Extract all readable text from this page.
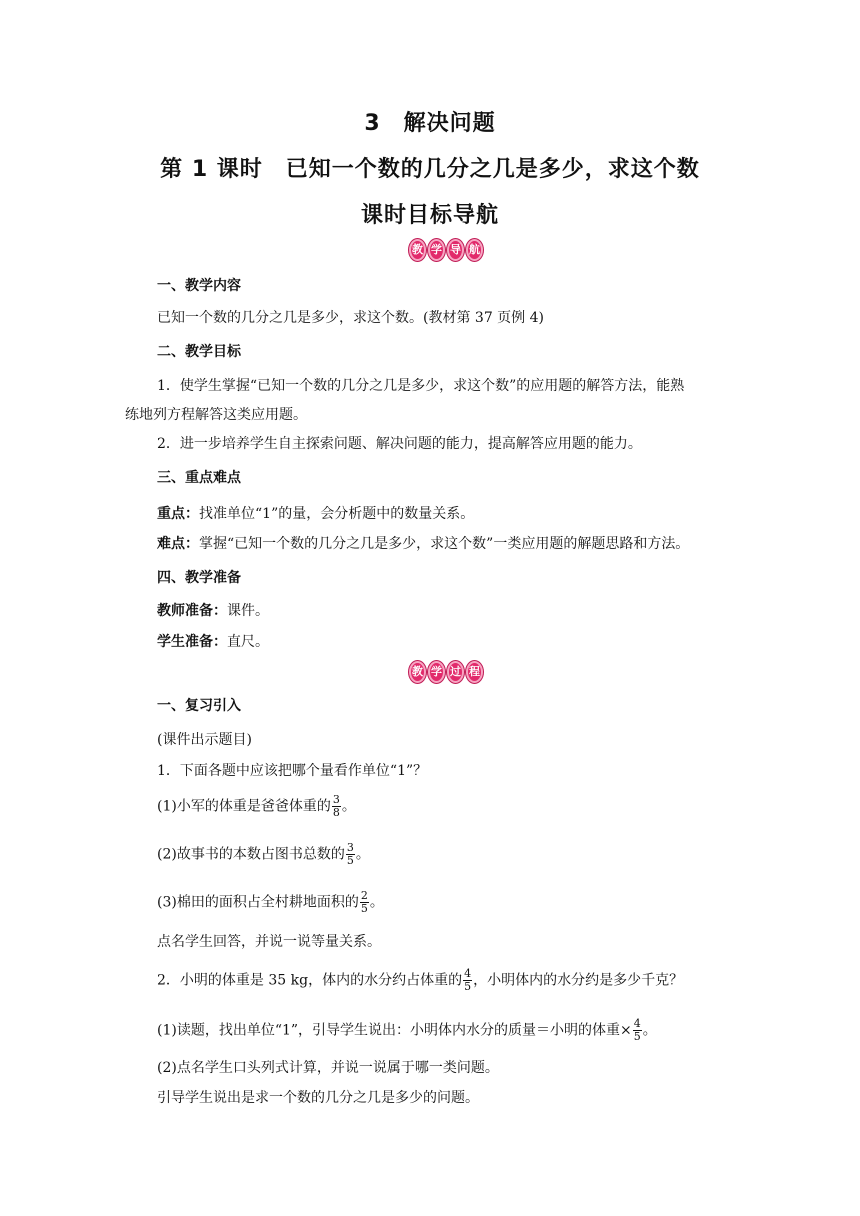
3　解决问题
第 1 课时　已知一个数的几分之几是多少，求这个数
课时目标导航
教 学 导 航
一、教学内容
已知一个数的几分之几是多少，求这个数。(教材第 37 页例 4)
二、教学目标
1．使学生掌握“已知一个数的几分之几是多少，求这个数”的应用题的解答方法，能熟
练地列方程解答这类应用题。
2．进一步培养学生自主探索问题、解决问题的能力，提高解答应用题的能力。
三、重点难点
重点：找准单位“1”的量，会分析题中的数量关系。
难点：掌握“已知一个数的几分之几是多少，求这个数”一类应用题的解题思路和方法。
四、教学准备
教师准备：课件。
学生准备：直尺。
教 学 过 程
一、复习引入
(课件出示题目)
1．下面各题中应该把哪个量看作单位“1”？
(1)小军的体重是爸爸体重的 $\frac{3}{8}$ 。
(2)故事书的本数占图书总数的 $\frac{3}{5}$ 。
(3)棉田的面积占全村耕地面积的 $\frac{2}{5}$ 。
点名学生回答，并说一说等量关系。
2．小明的体重是 35 kg，体内的水分约占体重的 $\frac{4}{5}$ ，小明体内的水分约是多少千克？
(1)读题，找出单位“1”，引导学生说出：小明体内水分的质量＝小明的体重× $\frac{4}{5}$ 。
(2)点名学生口头列式计算，并说一说属于哪一类问题。
引导学生说出是求一个数的几分之几是多少的问题。
